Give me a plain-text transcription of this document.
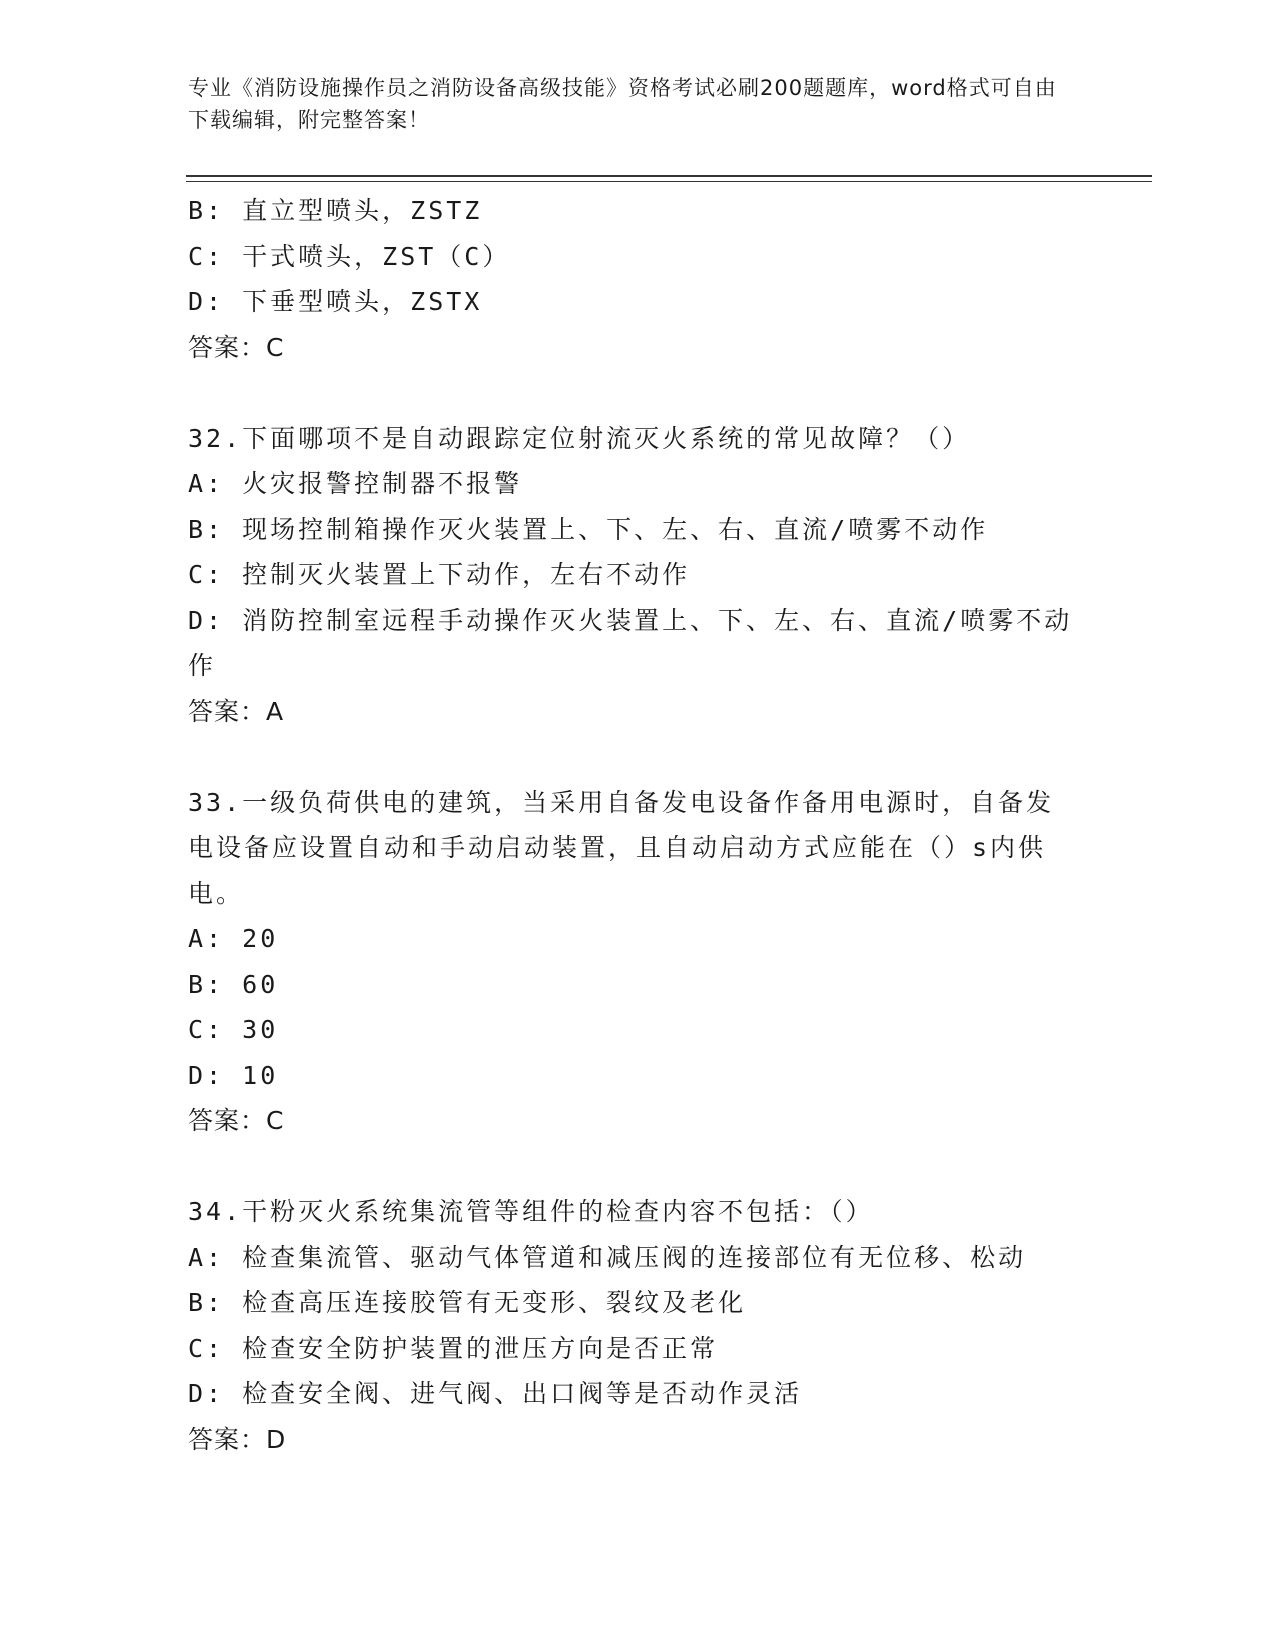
专业《消防设施操作员之消防设备高级技能》资格考试必刷200题题库，word格式可自由下载编辑，附完整答案！
B: 直立型喷头，ZSTZ
C: 干式喷头，ZST（C）
D: 下垂型喷头，ZSTX
答案：C
32.下面哪项不是自动跟踪定位射流灭火系统的常见故障？（）
A: 火灾报警控制器不报警
B: 现场控制箱操作灭火装置上、下、左、右、直流/喷雾不动作
C: 控制灭火装置上下动作，左右不动作
D: 消防控制室远程手动操作灭火装置上、下、左、右、直流/喷雾不动作
答案：A
33.一级负荷供电的建筑，当采用自备发电设备作备用电源时，自备发电设备应设置自动和手动启动装置，且自动启动方式应能在（）s内供电。
A: 20
B: 60
C: 30
D: 10
答案：C
34.干粉灭火系统集流管等组件的检查内容不包括：（）
A: 检查集流管、驱动气体管道和减压阀的连接部位有无位移、松动
B: 检查高压连接胶管有无变形、裂纹及老化
C: 检查安全防护装置的泄压方向是否正常
D: 检查安全阀、进气阀、出口阀等是否动作灵活
答案：D
